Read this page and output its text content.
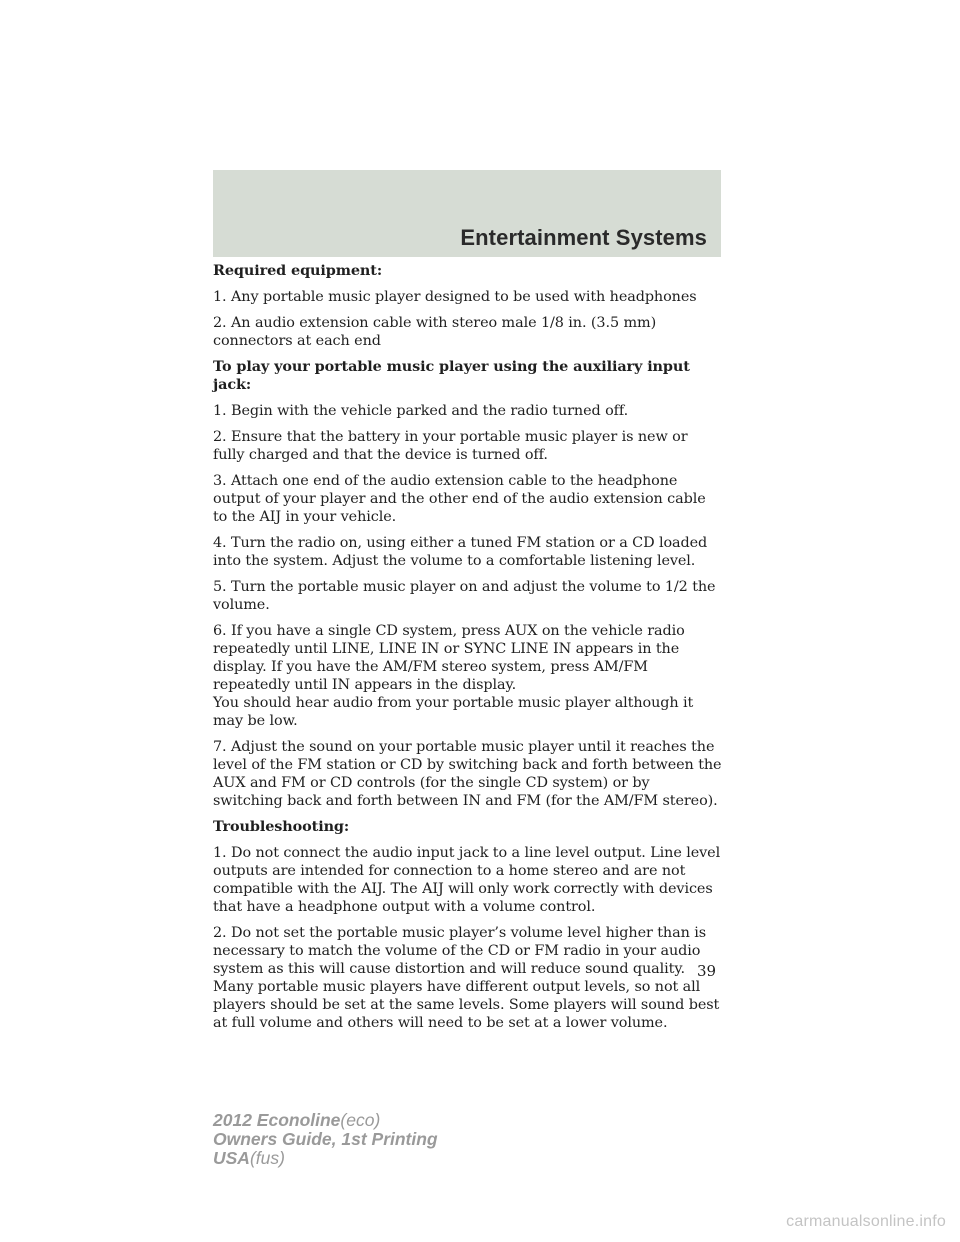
Entertainment Systems

Required equipment:

1. Any portable music player designed to be used with headphones

2. An audio extension cable with stereo male 1/8 in. (3.5 mm) connectors at each end

To play your portable music player using the auxiliary input jack:

1. Begin with the vehicle parked and the radio turned off.

2. Ensure that the battery in your portable music player is new or fully charged and that the device is turned off.

3. Attach one end of the audio extension cable to the headphone output of your player and the other end of the audio extension cable to the AIJ in your vehicle.

4. Turn the radio on, using either a tuned FM station or a CD loaded into the system. Adjust the volume to a comfortable listening level.

5. Turn the portable music player on and adjust the volume to 1/2 the volume.

6. If you have a single CD system, press AUX on the vehicle radio repeatedly until LINE, LINE IN or SYNC LINE IN appears in the display. If you have the AM/FM stereo system, press AM/FM repeatedly until IN appears in the display.

You should hear audio from your portable music player although it may be low.

7. Adjust the sound on your portable music player until it reaches the level of the FM station or CD by switching back and forth between the AUX and FM or CD controls (for the single CD system) or by switching back and forth between IN and FM (for the AM/FM stereo).

Troubleshooting:

1. Do not connect the audio input jack to a line level output. Line level outputs are intended for connection to a home stereo and are not compatible with the AIJ. The AIJ will only work correctly with devices that have a headphone output with a volume control.

2. Do not set the portable music player’s volume level higher than is necessary to match the volume of the CD or FM radio in your audio system as this will cause distortion and will reduce sound quality. Many portable music players have different output levels, so not all players should be set at the same levels. Some players will sound best at full volume and others will need to be set at a lower volume.

39
2012 Econoline(eco)
Owners Guide, 1st Printing
USA(fus)
carmanualsonline.info
